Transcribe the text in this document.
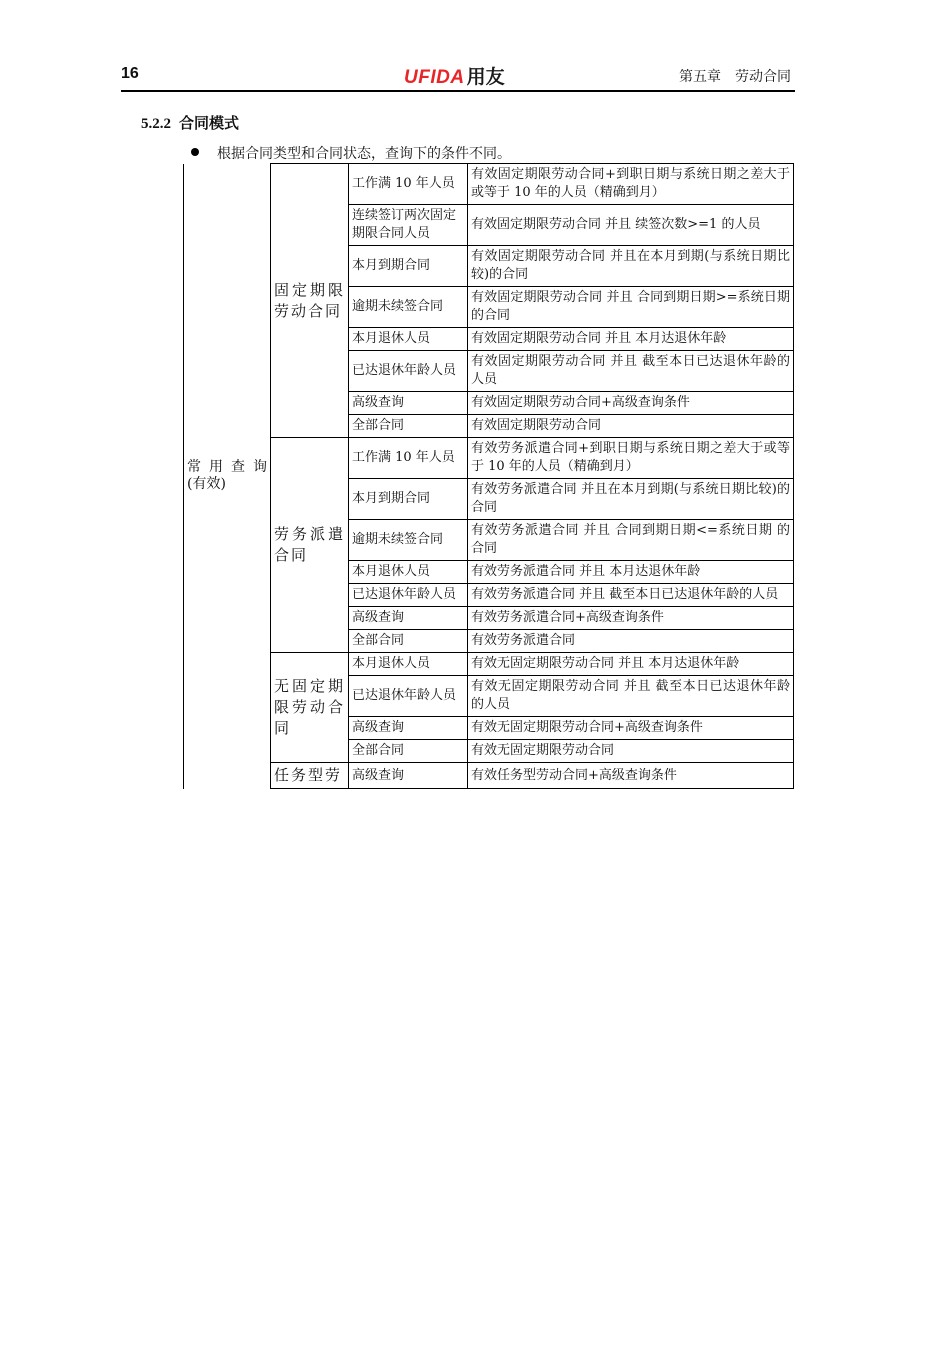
16	UFIDA 用友	第五章　劳动合同
5.2.2 合同模式
根据合同类型和合同状态，查询下的条件不同。
常 用 查 询(有效)	固定期限劳动合同	工作满 10 年人员	有效固定期限劳动合同+到职日期与系统日期之差大于或等于 10 年的人员（精确到月）
		连续签订两次固定期限合同人员	有效固定期限劳动合同 并且 续签次数>=1 的人员
		本月到期合同	有效固定期限劳动合同 并且在本月到期(与系统日期比较)的合同
		逾期未续签合同	有效固定期限劳动合同 并且 合同到期日期>=系统日期 的合同
		本月退休人员	有效固定期限劳动合同 并且 本月达退休年龄
		已达退休年龄人员	有效固定期限劳动合同 并且 截至本日已达退休年龄的人员
		高级查询	有效固定期限劳动合同+高级查询条件
		全部合同	有效固定期限劳动合同
	劳务派遣合同	工作满 10 年人员	有效劳务派遣合同+到职日期与系统日期之差大于或等于 10 年的人员（精确到月）
		本月到期合同	有效劳务派遣合同 并且在本月到期(与系统日期比较)的合同
		逾期未续签合同	有效劳务派遣合同 并且 合同到期日期<=系统日期 的合同
		本月退休人员	有效劳务派遣合同 并且 本月达退休年龄
		已达退休年龄人员	有效劳务派遣合同 并且 截至本日已达退休年龄的人员
		高级查询	有效劳务派遣合同+高级查询条件
		全部合同	有效劳务派遣合同
	无固定期限劳动合同	本月退休人员	有效无固定期限劳动合同 并且 本月达退休年龄
		已达退休年龄人员	有效无固定期限劳动合同 并且 截至本日已达退休年龄的人员
		高级查询	有效无固定期限劳动合同+高级查询条件
		全部合同	有效无固定期限劳动合同
	任务型劳	高级查询	有效任务型劳动合同+高级查询条件
